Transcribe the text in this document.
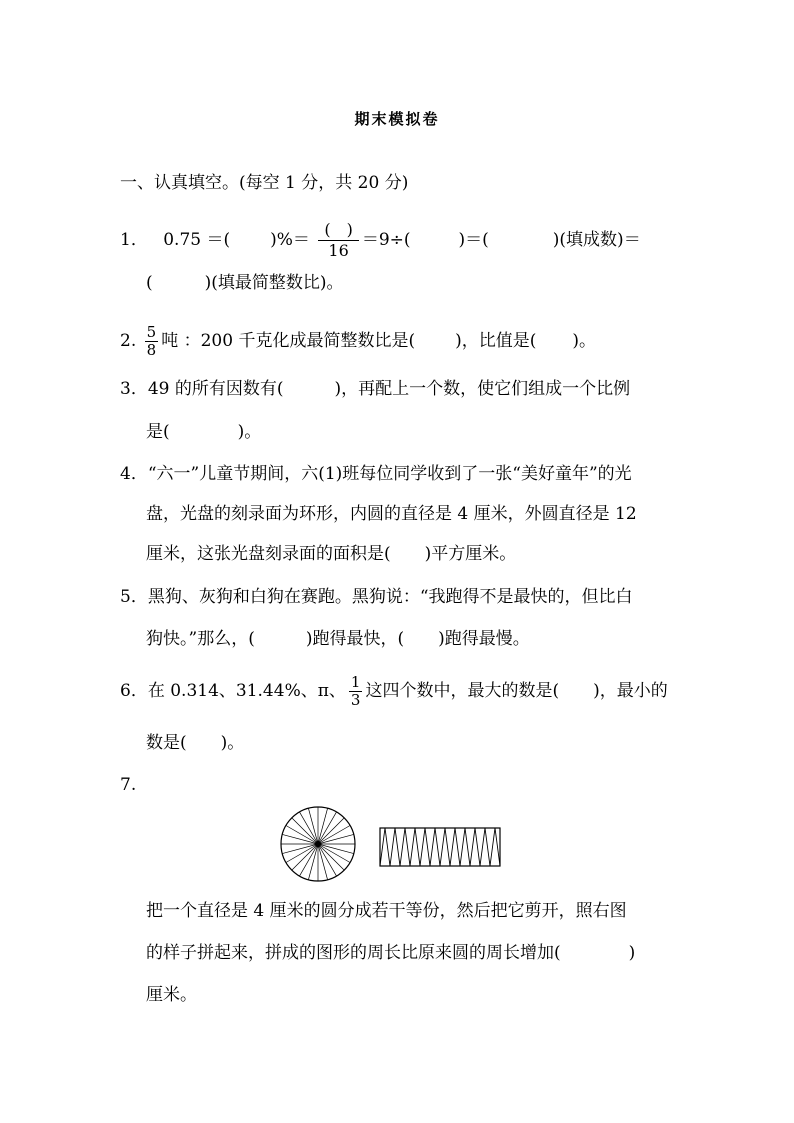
期末模拟卷
一、认真填空。(每空 1 分，共 20 分)
1． 0.75 ＝( )%＝ $\frac{( )}{16} =9\div$(	)＝(	)(填成数)＝
(	)(填最简整数比)。
2. $\frac{5}{8}$ 吨 ：200 千克化成最简整数比是( )，比值是( )。
3．49 的所有因数有(　　　)，再配上一个数，使它们组成一个比例
是(　　　　)。
4．“六一”儿童节期间，六(1)班每位同学收到了一张“美好童年”的光
盘，光盘的刻录面为环形，内圆的直径是 4 厘米，外圆直径是 12
厘米，这张光盘刻录面的面积是(　　)平方厘米。
5．黑狗、灰狗和白狗在赛跑。黑狗说：“我跑得不是最快的，但比白
狗快。”那么，(　　　)跑得最快，(　　)跑得最慢。
6．在 0.314、31.44%、π、 $\frac{1}{3}$ 这四个数中，最大的数是(　　)，最小的
数是(　　)。
7.
把一个直径是 4 厘米的圆分成若干等份，然后把它剪开，照右图
的样子拼起来，拼成的图形的周长比原来圆的周长增加(　　　　)
厘米。
